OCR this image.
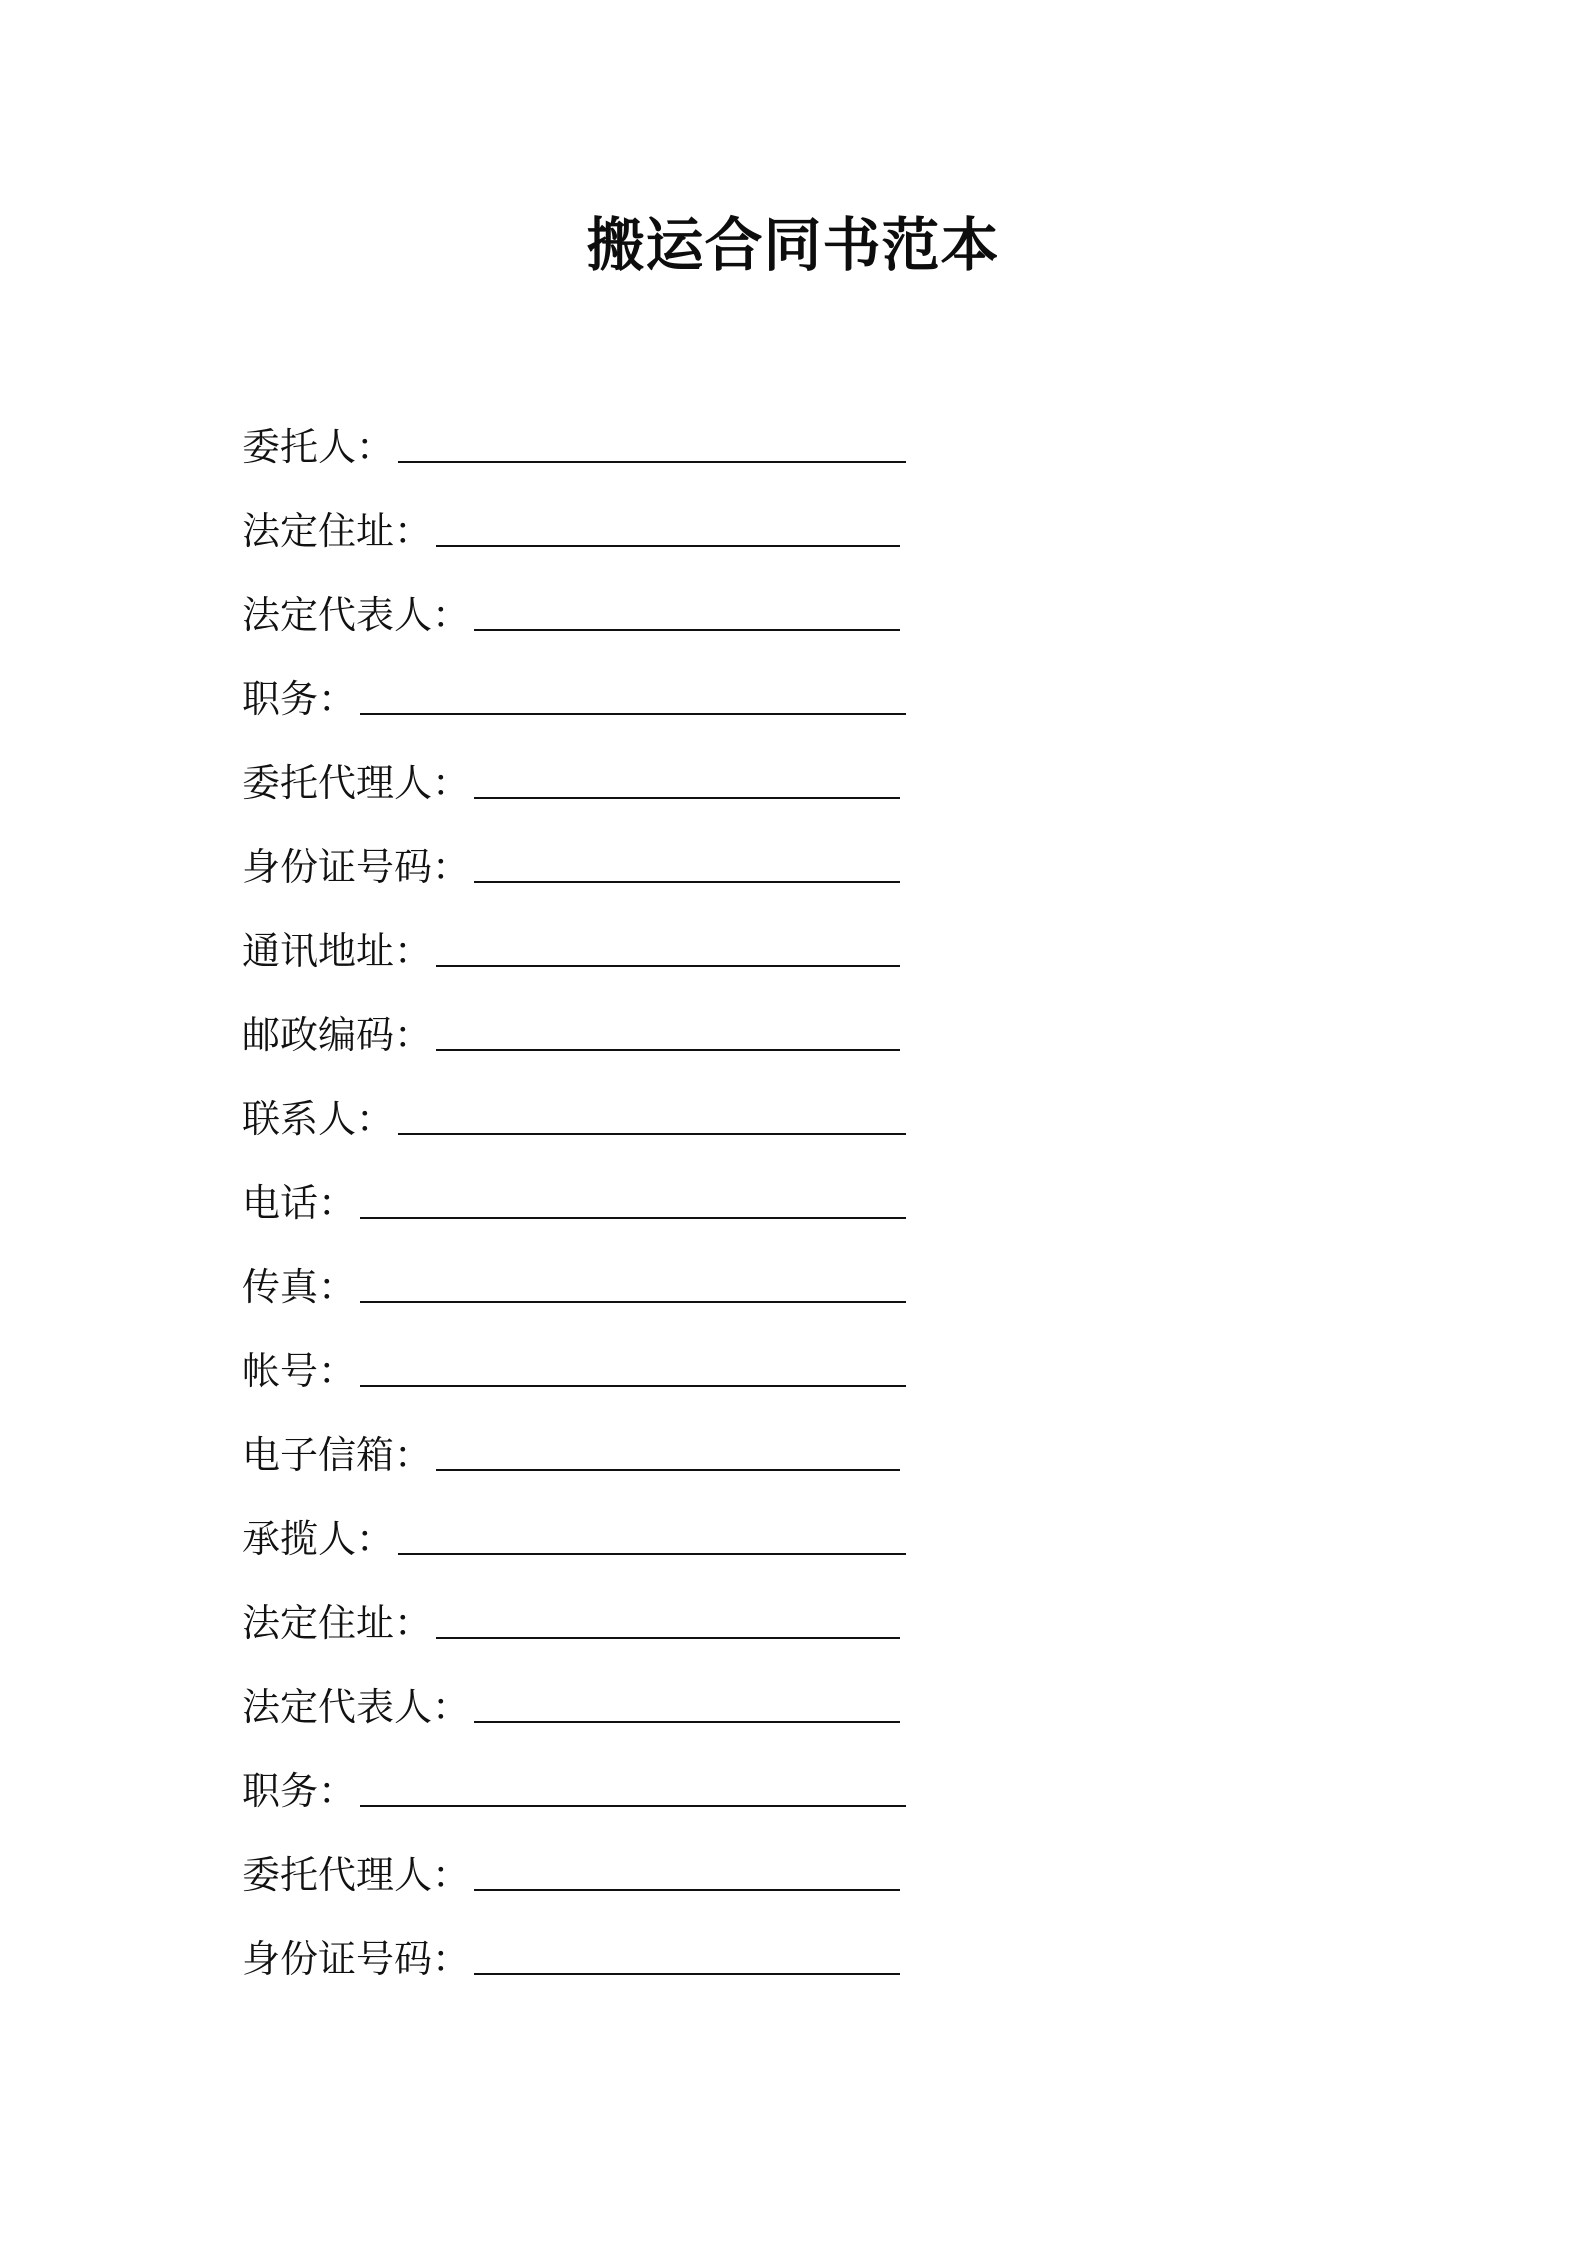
搬运合同书范本
委托人：
法定住址：
法定代表人：
职务：
委托代理人：
身份证号码：
通讯地址：
邮政编码：
联系人：
电话：
传真：
帐号：
电子信箱：
承揽人：
法定住址：
法定代表人：
职务：
委托代理人：
身份证号码：
